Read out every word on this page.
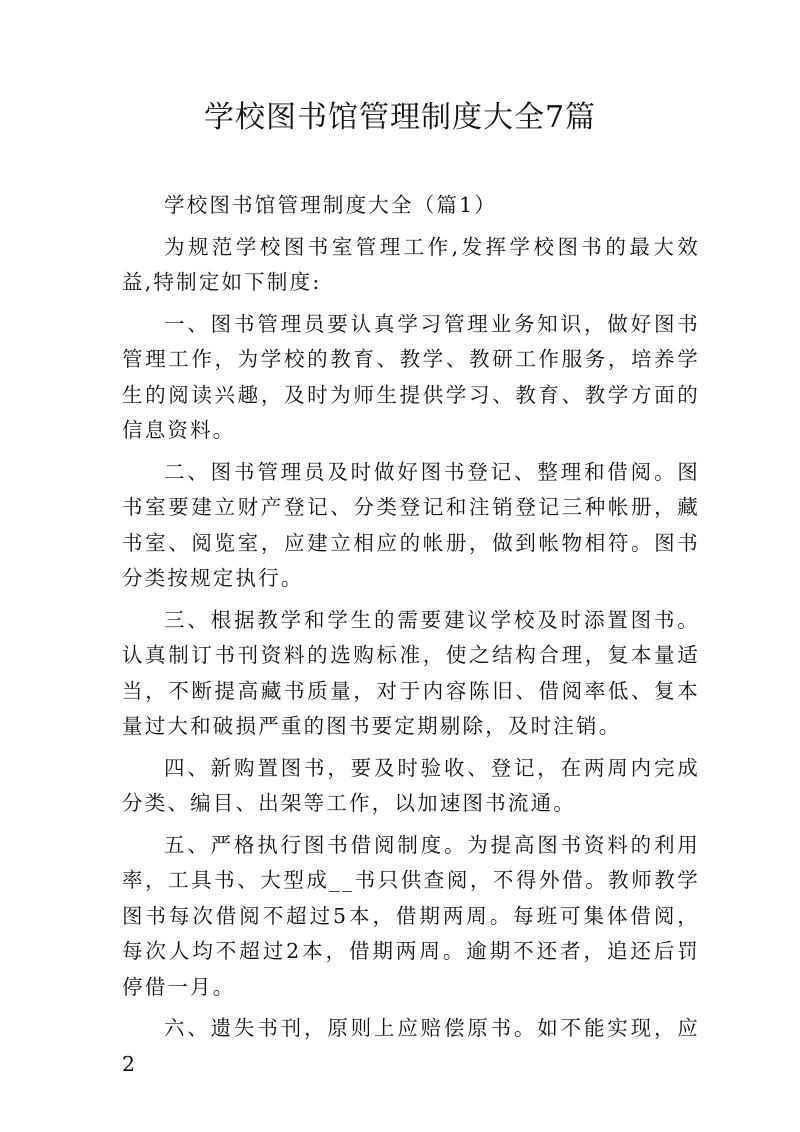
学校图书馆管理制度大全7篇
学校图书馆管理制度大全（篇1）

为规范学校图书室管理工作,发挥学校图书的最大效益,特制定如下制度:

一、图书管理员要认真学习管理业务知识，做好图书管理工作，为学校的教育、教学、教研工作服务，培养学生的阅读兴趣，及时为师生提供学习、教育、教学方面的信息资料。

二、图书管理员及时做好图书登记、整理和借阅。图书室要建立财产登记、分类登记和注销登记三种帐册，藏书室、阅览室，应建立相应的帐册，做到帐物相符。图书分类按规定执行。

三、根据教学和学生的需要建议学校及时添置图书。认真制订书刊资料的选购标准，使之结构合理，复本量适当，不断提高藏书质量，对于内容陈旧、借阅率低、复本量过大和破损严重的图书要定期剔除，及时注销。

四、新购置图书，要及时验收、登记，在两周内完成分类、编目、出架等工作，以加速图书流通。

五、严格执行图书借阅制度。为提高图书资料的利用率，工具书、大型成__书只供查阅，不得外借。教师教学图书每次借阅不超过5本，借期两周。每班可集体借阅，每次人均不超过2本，借期两周。逾期不还者，追还后罚停借一月。

六、遗失书刊，原则上应赔偿原书。如不能实现，应2
